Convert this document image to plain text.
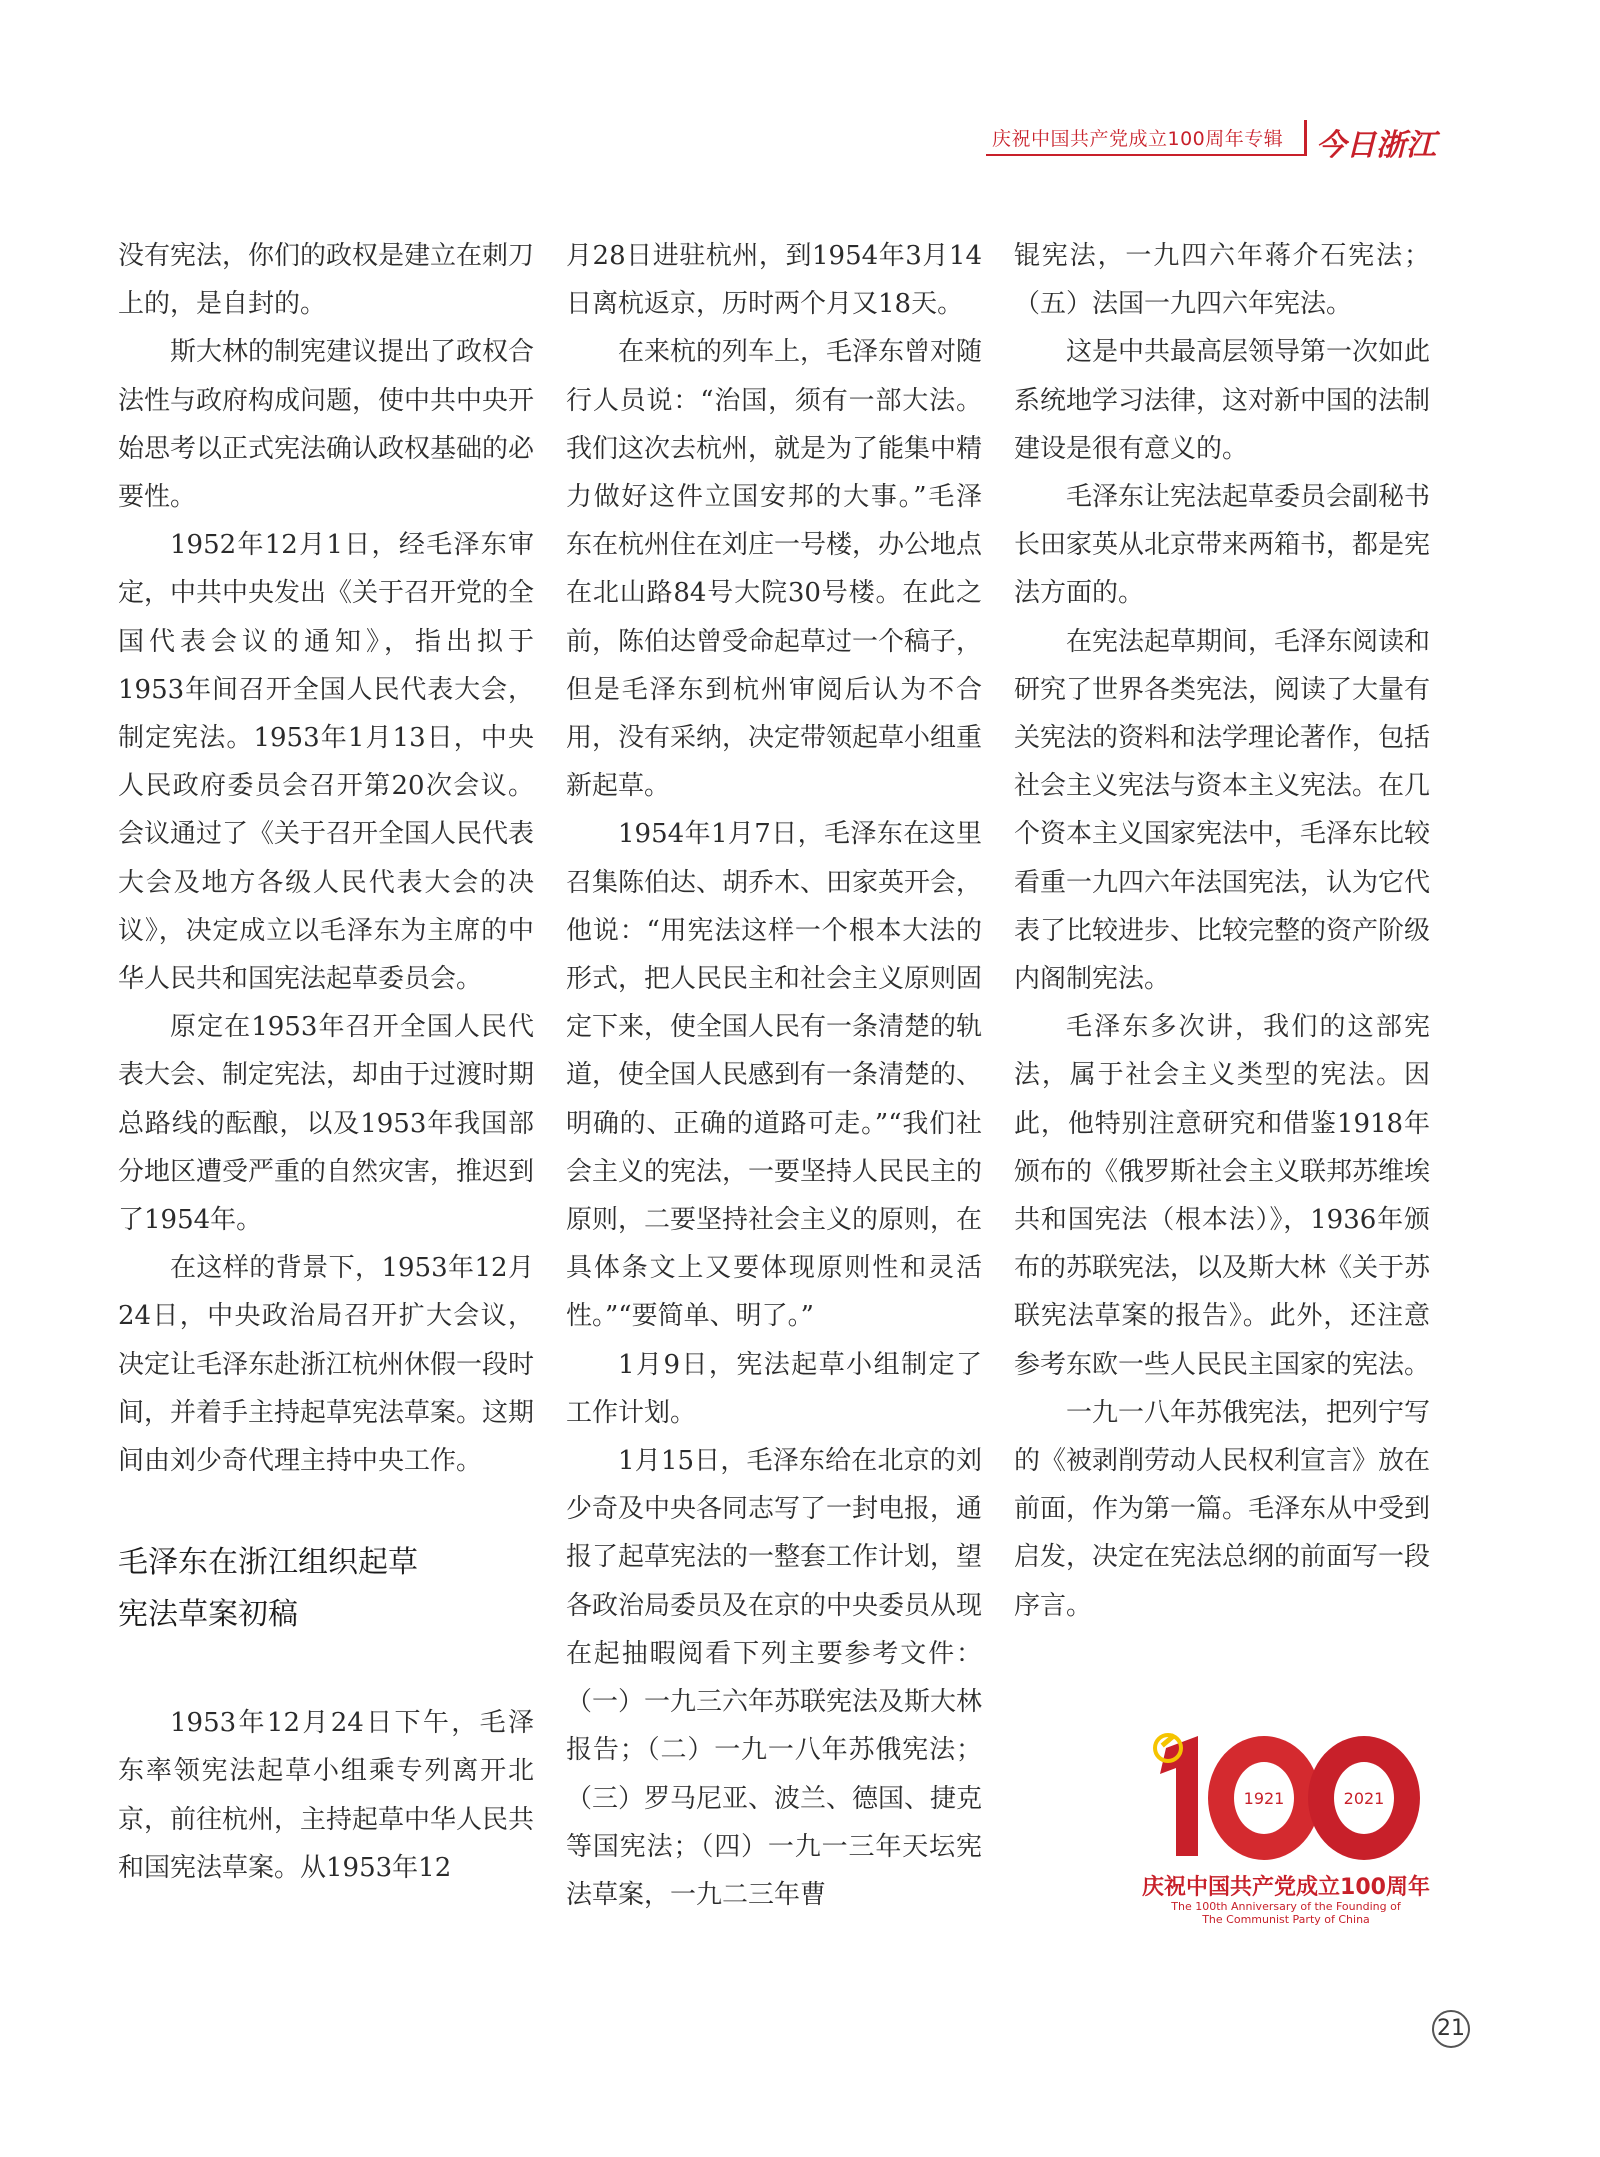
庆祝中国共产党成立100周年专辑 今日浙江

没有宪法，你们的政权是建立在刺刀上的，是自封的。

斯大林的制宪建议提出了政权合法性与政府构成问题，使中共中央开始思考以正式宪法确认政权基础的必要性。

1952年12月1日，经毛泽东审定，中共中央发出《关于召开党的全国代表会议的通知》，指出拟于1953年间召开全国人民代表大会，制定宪法。1953年1月13日，中央人民政府委员会召开第20次会议。会议通过了《关于召开全国人民代表大会及地方各级人民代表大会的决议》，决定成立以毛泽东为主席的中华人民共和国宪法起草委员会。

原定在1953年召开全国人民代表大会、制定宪法，却由于过渡时期总路线的酝酿，以及1953年我国部分地区遭受严重的自然灾害，推迟到了1954年。

在这样的背景下，1953年12月24日，中央政治局召开扩大会议，决定让毛泽东赴浙江杭州休假一段时间，并着手主持起草宪法草案。这期间由刘少奇代理主持中央工作。

毛泽东在浙江组织起草
宪法草案初稿

1953年12月24日下午，毛泽东率领宪法起草小组乘专列离开北京，前往杭州，主持起草中华人民共和国宪法草案。从1953年12

月28日进驻杭州，到1954年3月14日离杭返京，历时两个月又18天。

在来杭的列车上，毛泽东曾对随行人员说：“治国，须有一部大法。我们这次去杭州，就是为了能集中精力做好这件立国安邦的大事。”毛泽东在杭州住在刘庄一号楼，办公地点在北山路84号大院30号楼。在此之前，陈伯达曾受命起草过一个稿子，但是毛泽东到杭州审阅后认为不合用，没有采纳，决定带领起草小组重新起草。

1954年1月7日，毛泽东在这里召集陈伯达、胡乔木、田家英开会，他说：“用宪法这样一个根本大法的形式，把人民民主和社会主义原则固定下来，使全国人民有一条清楚的轨道，使全国人民感到有一条清楚的、明确的、正确的道路可走。”“我们社会主义的宪法，一要坚持人民民主的原则，二要坚持社会主义的原则，在具体条文上又要体现原则性和灵活性。”“要简单、明了。”

1月9日，宪法起草小组制定了工作计划。

1月15日，毛泽东给在北京的刘少奇及中央各同志写了一封电报，通报了起草宪法的一整套工作计划，望各政治局委员及在京的中央委员从现在起抽暇阅看下列主要参考文件：（一）一九三六年苏联宪法及斯大林报告；（二）一九一八年苏俄宪法；（三）罗马尼亚、波兰、德国、捷克等国宪法；（四）一九一三年天坛宪法草案，一九二三年曹

锟宪法，一九四六年蒋介石宪法；（五）法国一九四六年宪法。

这是中共最高层领导第一次如此系统地学习法律，这对新中国的法制建设是很有意义的。

毛泽东让宪法起草委员会副秘书长田家英从北京带来两箱书，都是宪法方面的。

在宪法起草期间，毛泽东阅读和研究了世界各类宪法，阅读了大量有关宪法的资料和法学理论著作，包括社会主义宪法与资本主义宪法。在几个资本主义国家宪法中，毛泽东比较看重一九四六年法国宪法，认为它代表了比较进步、比较完整的资产阶级内阁制宪法。

毛泽东多次讲，我们的这部宪法，属于社会主义类型的宪法。因此，他特别注意研究和借鉴1918年颁布的《俄罗斯社会主义联邦苏维埃共和国宪法（根本法）》，1936年颁布的苏联宪法，以及斯大林《关于苏联宪法草案的报告》。此外，还注意参考东欧一些人民民主国家的宪法。

一九一八年苏俄宪法，把列宁写的《被剥削劳动人民权利宣言》放在前面，作为第一篇。毛泽东从中受到启发，决定在宪法总纲的前面写一段序言。

1921	2021
庆祝中国共产党成立100周年
The 100th Anniversary of the Founding of
The Communist Party of China
21
